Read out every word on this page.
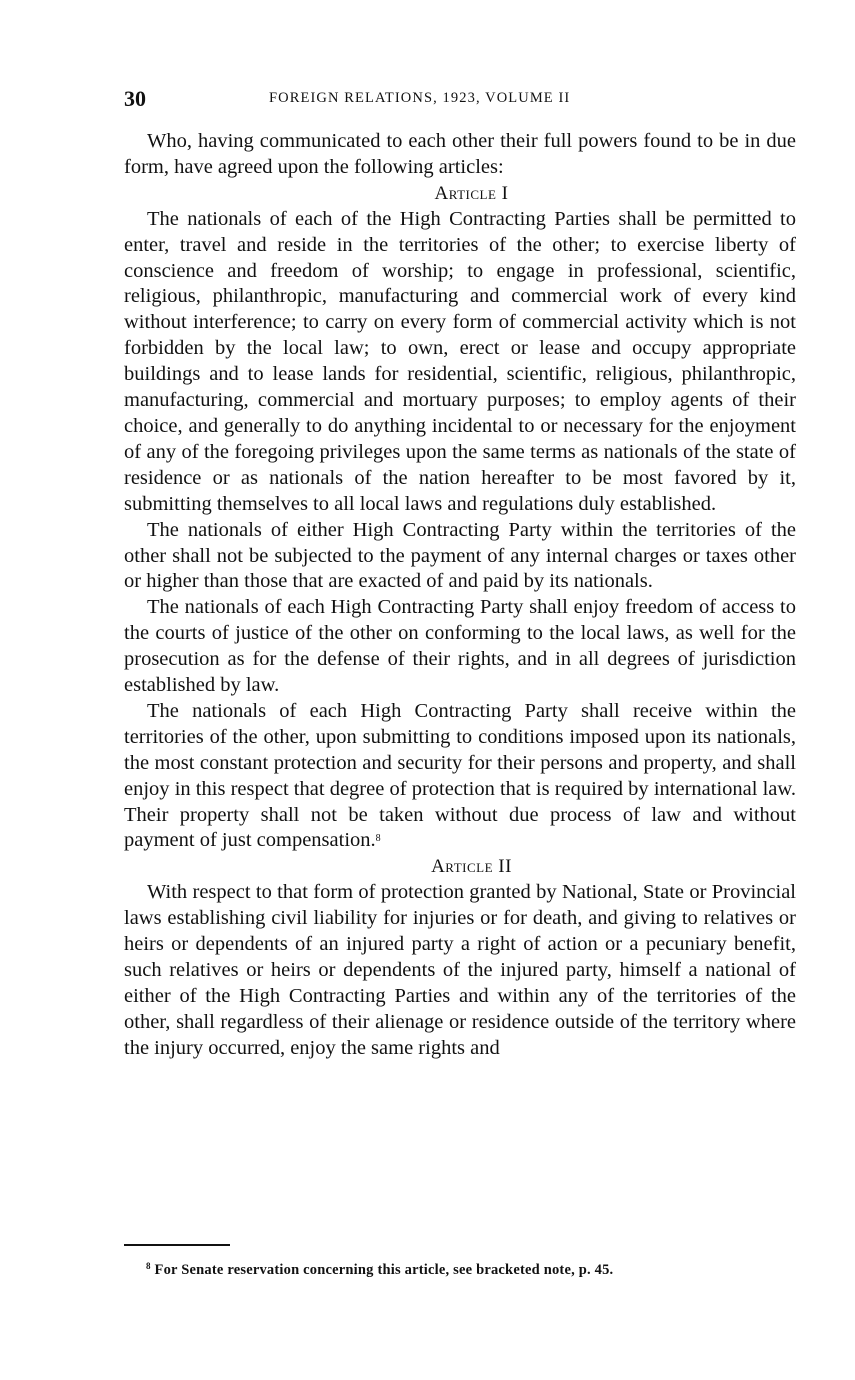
30	FOREIGN RELATIONS, 1923, VOLUME II

Who, having communicated to each other their full powers found to be in due form, have agreed upon the following articles:

Article I

The nationals of each of the High Contracting Parties shall be permitted to enter, travel and reside in the territories of the other; to exercise liberty of conscience and freedom of worship; to engage in professional, scientific, religious, philanthropic, manufacturing and commercial work of every kind without interference; to carry on every form of commercial activity which is not forbidden by the local law; to own, erect or lease and occupy appropriate buildings and to lease lands for residential, scientific, religious, philanthropic, manufacturing, commercial and mortuary purposes; to employ agents of their choice, and generally to do anything incidental to or necessary for the enjoyment of any of the foregoing privileges upon the same terms as nationals of the state of residence or as nationals of the nation hereafter to be most favored by it, submitting themselves to all local laws and regulations duly established.

The nationals of either High Contracting Party within the territories of the other shall not be subjected to the payment of any internal charges or taxes other or higher than those that are exacted of and paid by its nationals.

The nationals of each High Contracting Party shall enjoy freedom of access to the courts of justice of the other on conforming to the local laws, as well for the prosecution as for the defense of their rights, and in all degrees of jurisdiction established by law.

The nationals of each High Contracting Party shall receive within the territories of the other, upon submitting to conditions imposed upon its nationals, the most constant protection and security for their persons and property, and shall enjoy in this respect that degree of protection that is required by international law. Their property shall not be taken without due process of law and without payment of just compensation.$^8$

Article II

With respect to that form of protection granted by National, State or Provincial laws establishing civil liability for injuries or for death, and giving to relatives or heirs or dependents of an injured party a right of action or a pecuniary benefit, such relatives or heirs or dependents of the injured party, himself a national of either of the High Contracting Parties and within any of the territories of the other, shall regardless of their alienage or residence outside of the territory where the injury occurred, enjoy the same rights and

$^8$ For Senate reservation concerning this article, see bracketed note, p. 45.
